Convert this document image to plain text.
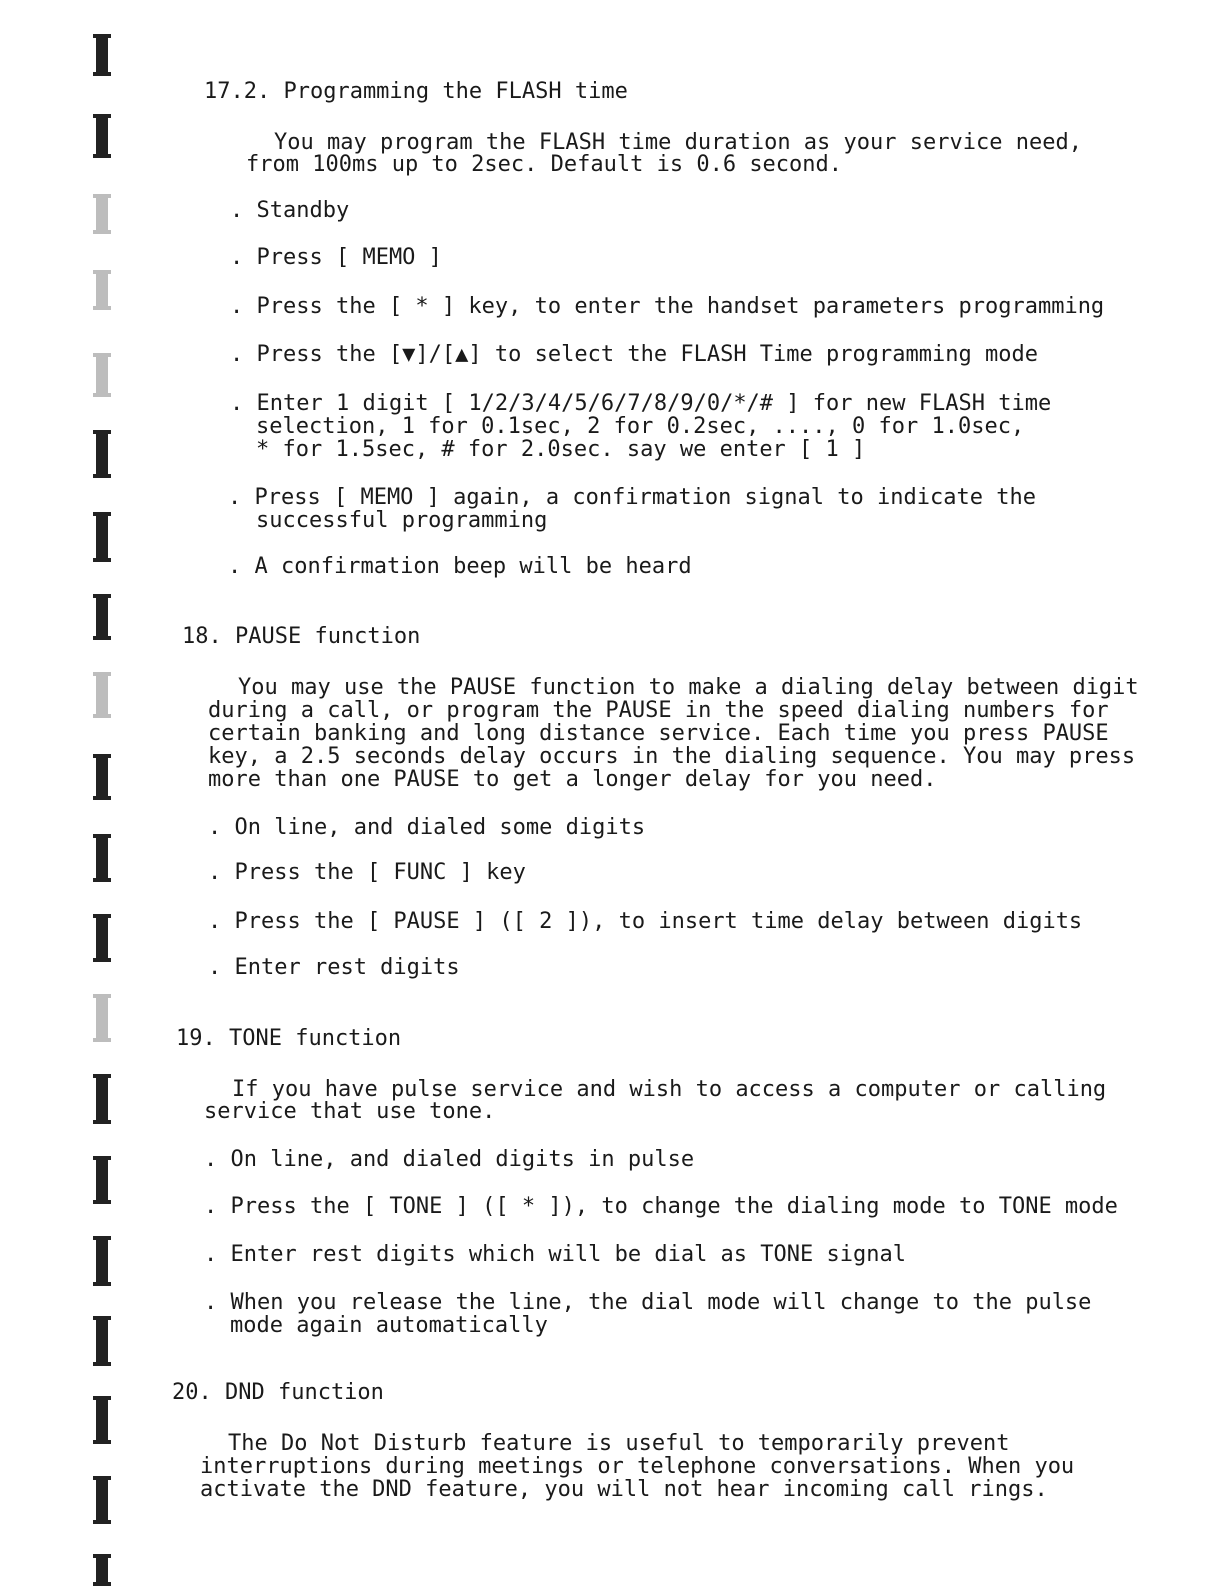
17.2. Programming the FLASH time
You may program the FLASH time duration as your service need,
from 100ms up to 2sec. Default is 0.6 second.
. Standby
. Press [ MEMO ]
. Press the [ * ] key, to enter the handset parameters programming
. Press the [▼]/[▲] to select the FLASH Time programming mode
. Enter 1 digit [ 1/2/3/4/5/6/7/8/9/0/*/# ] for new FLASH time
selection, 1 for 0.1sec, 2 for 0.2sec, ...., 0 for 1.0sec,
* for 1.5sec, # for 2.0sec. say we enter [ 1 ]
. Press [ MEMO ] again, a confirmation signal to indicate the
successful programming
. A confirmation beep will be heard
18. PAUSE function
You may use the PAUSE function to make a dialing delay between digit
during a call, or program the PAUSE in the speed dialing numbers for
certain banking and long distance service. Each time you press PAUSE
key, a 2.5 seconds delay occurs in the dialing sequence. You may press
more than one PAUSE to get a longer delay for you need.
. On line, and dialed some digits
. Press the [ FUNC ] key
. Press the [ PAUSE ] ([ 2 ]), to insert time delay between digits
. Enter rest digits
19. TONE function
If you have pulse service and wish to access a computer or calling
service that use tone.
. On line, and dialed digits in pulse
. Press the [ TONE ] ([ * ]), to change the dialing mode to TONE mode
. Enter rest digits which will be dial as TONE signal
. When you release the line, the dial mode will change to the pulse
mode again automatically
20. DND function
The Do Not Disturb feature is useful to temporarily prevent
interruptions during meetings or telephone conversations. When you
activate the DND feature, you will not hear incoming call rings.
